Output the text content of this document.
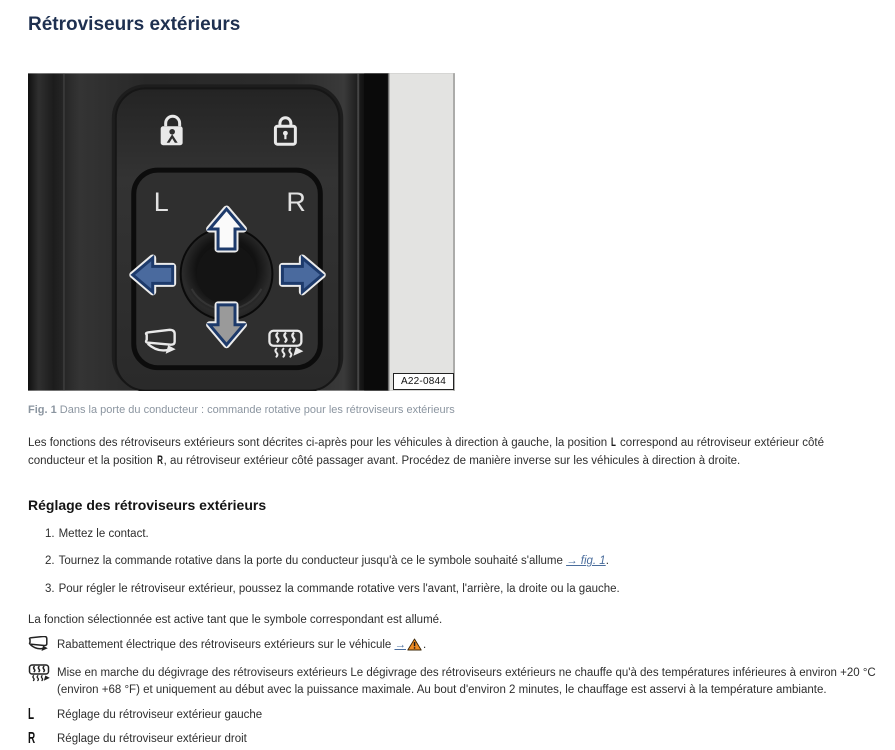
Rétroviseurs extérieurs
L	R
A22-0844

Fig. 1 Dans la porte du conducteur : commande rotative pour les rétroviseurs extérieurs

Les fonctions des rétroviseurs extérieurs sont décrites ci-après pour les véhicules à direction à gauche, la position L correspond au rétroviseur extérieur côté conducteur et la position R, au rétroviseur extérieur côté passager avant. Procédez de manière inverse sur les véhicules à direction à droite.

Réglage des rétroviseurs extérieurs
1. Mettez le contact.
2. Tournez la commande rotative dans la porte du conducteur jusqu'à ce le symbole souhaité s'allume → fig. 1.
3. Pour régler le rétroviseur extérieur, poussez la commande rotative vers l'avant, l'arrière, la droite ou la gauche.

La fonction sélectionnée est active tant que le symbole correspondant est allumé.

Rabattement électrique des rétroviseurs extérieurs sur le véhicule → .
Mise en marche du dégivrage des rétroviseurs extérieurs Le dégivrage des rétroviseurs extérieurs ne chauffe qu'à des températures inférieures à environ +20 °C (environ +68 °F) et uniquement au début avec la puissance maximale. Au bout d'environ 2 minutes, le chauffage est asservi à la température ambiante.
L	Réglage du rétroviseur extérieur gauche
R	Réglage du rétroviseur extérieur droit
